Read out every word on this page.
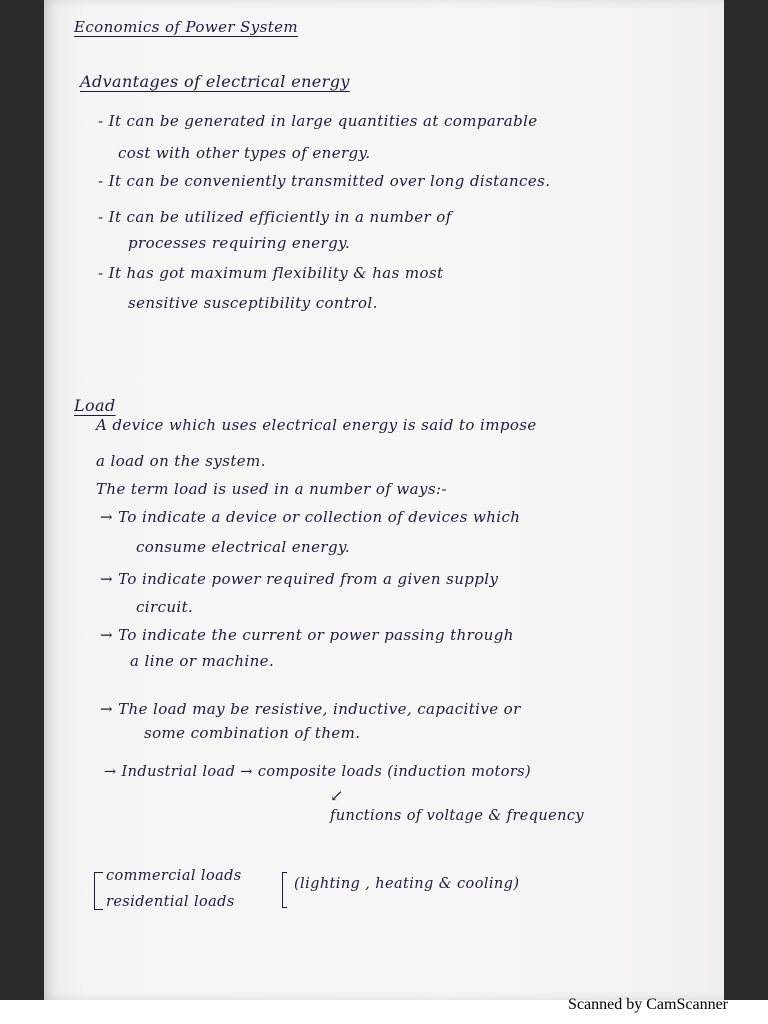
Economics of Power System
Advantages of electrical energy
- It can be generated in large quantities at comparable
cost with other types of energy.
- It can be conveniently transmitted over long distances.
- It can be utilized efficiently in a number of
processes requiring energy.
- It has got maximum flexibility & has most
sensitive susceptibility control.
Load
A device which uses electrical energy is said to impose
a load on the system.
The term load is used in a number of ways:-
→ To indicate a device or collection of devices which
consume electrical energy.
→ To indicate power required from a given supply
circuit.
→ To indicate the current or power passing through
a line or machine.
→ The load may be resistive, inductive, capacitive or
some combination of them.
→ Industrial load → composite loads (induction motors)
↙
functions of voltage & frequency
commercial loads
residential loads
(lighting , heating & cooling)
Scanned by CamScanner
